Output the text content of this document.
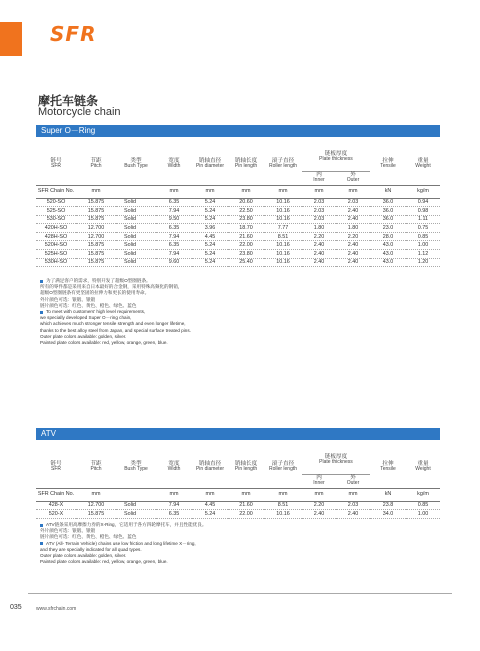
SFR
摩托车链条
Motorcycle chain
Super O－Ring
链号
SFR	节距
Pitch	类型
Bush Type	宽度
Width	销轴直径
Pin diameter	销轴长度
Pin length	滚子直径
Roller length	链板厚度
Plate thickness		拉伸
Tensile	重量
Weight

							内
Inner	外
Outer		

SFR Chain No.	mm		mm	mm	mm	mm	mm	mm	kN	kg/m
520-SO	15.875	Solid	6.35	5.24	20.60	10.16	2.03	2.03	36.0	0.94
525-SO	15.875	Solid	7.94	5.24	22.50	10.16	2.03	2.40	36.0	0.98
530-SO	15.875	Solid	9.50	5.24	23.80	10.16	2.03	2.40	36.0	1.11
420H-SO	12.700	Solid	6.35	3.96	18.70	7.77	1.80	1.80	23.0	0.75
428H-SO	12.700	Solid	7.94	4.45	21.60	8.51	2.20	2.20	28.0	0.85
520H-SO	15.875	Solid	6.35	5.24	22.00	10.16	2.40	2.40	43.0	1.00
525H-SO	15.875	Solid	7.94	5.24	23.80	10.16	2.40	2.40	43.0	1.12
530H-SO	15.875	Solid	9.60	5.24	25.40	10.16	2.40	2.40	43.0	1.20
为了满足客户的需求，特别开发了超级O型圈链条。
所有的零件都是采用来自日本最好的合金钢，采用特殊高频化的钢销，
超级O型圈链条有更坚固的拉伸力和更长的使用寿命。
外片颜色可选：银锻、银锻
链片颜色可选：红色、黄色、橙色、绿色、蓝色
To meet with customers' high level requirements,
we specially developed Super O－ring chain,
which achieves much stronger tensile strength and even longer lifetime,
thanks to the best alloy steel from Japan, and special surface treated pins.
Outer plate colors available: golden, silver.
Painted plate colors available: red, yellow, orange, green, blue.
ATV
链号
SFR	节距
Pitch	类型
Bush Type	宽度
Width	销轴直径
Pin diameter	销轴长度
Pin length	滚子直径
Roller length	链板厚度
Plate thickness		拉伸
Tensile	重量
Weight

							内
Inner	外
Outer		

SFR Chain No.	mm		mm	mm	mm	mm	mm	mm	kN	kg/m
428-X	12.700	Solid	7.94	4.45	21.60	8.51	2.20	2.03	23.8	0.85
520-X	15.875	Solid	6.35	5.24	22.00	10.16	2.40	2.40	34.0	1.00
ATV链条采用高摩擦力券的X-Ring，它适用于各方四轮摩托车，并且性能优良。
外片颜色可选：银锻、银锻
链片颜色可选：红色、黄色、橙色、绿色、蓝色
ATV (All- Terrain Vehicle) chains use low friction and long lifetime X－ring,
and they are specially indicated for all quad types.
Outer plate colors available: golden, silver.
Painted plate colors available: red, yellow, orange, green, blue.
035	www.sfrchain.com
